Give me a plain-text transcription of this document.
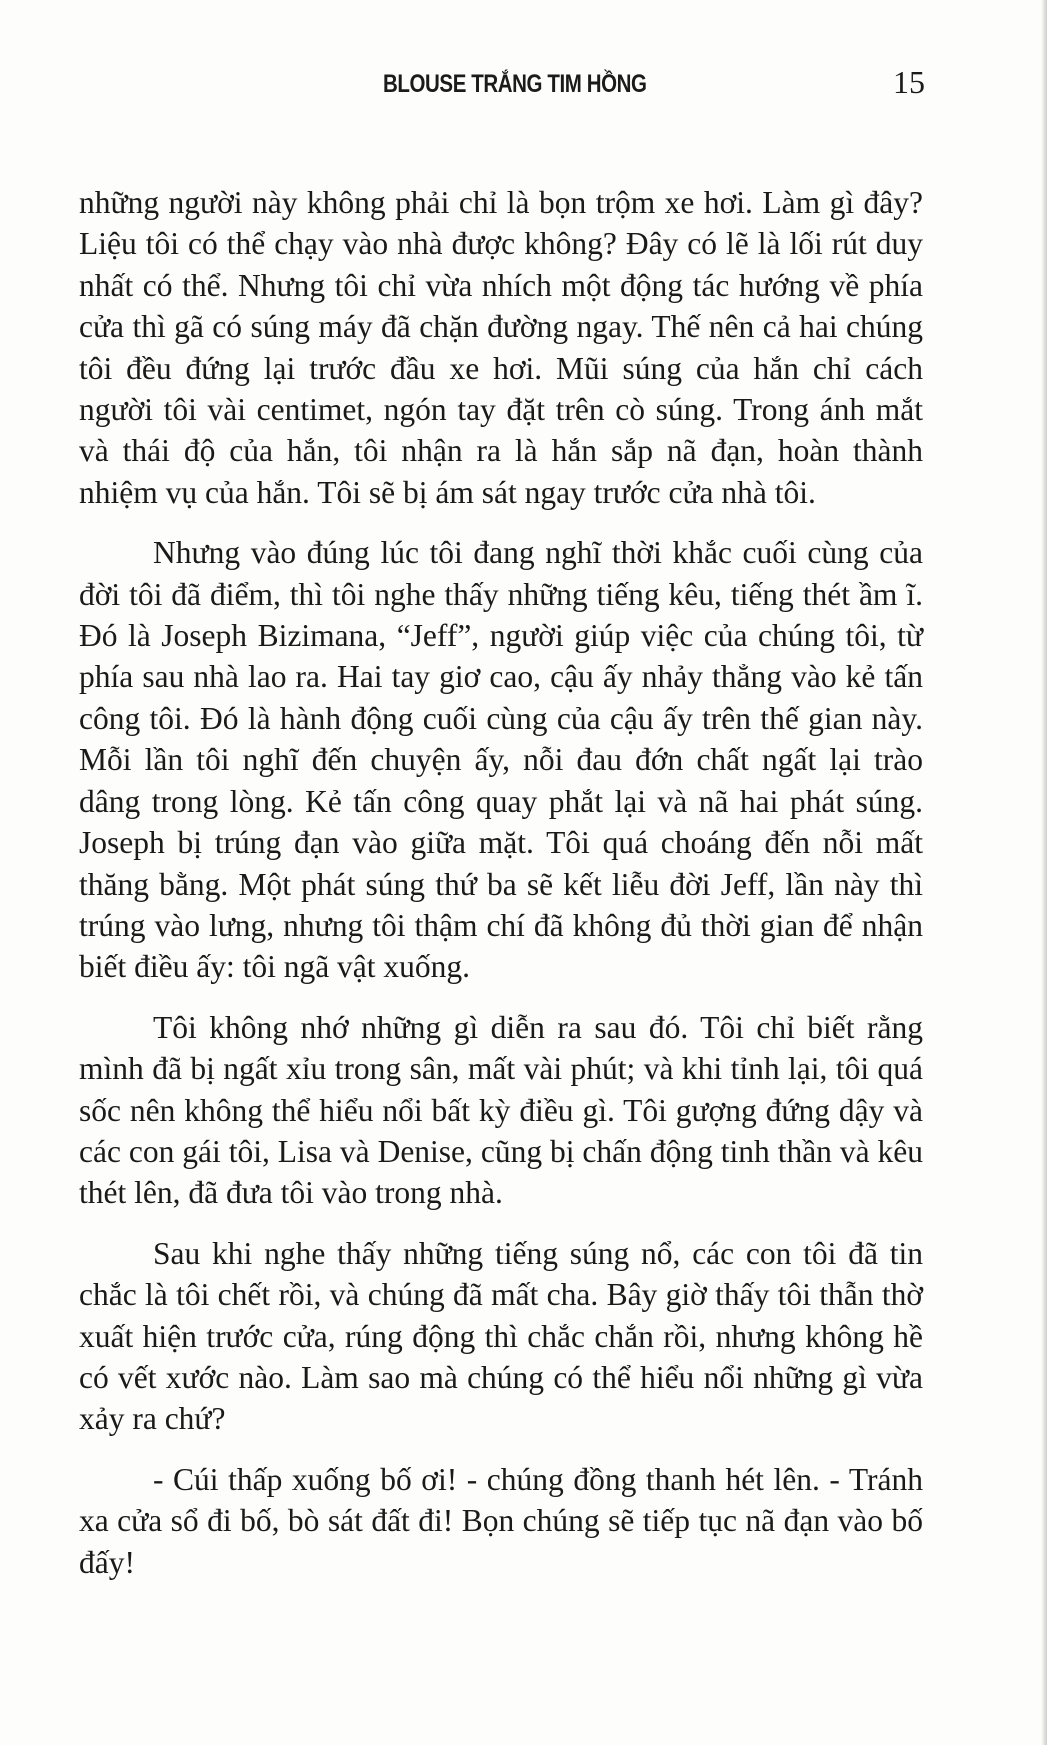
BLOUSE TRẮNG TIM HỒNG	15

những người này không phải chỉ là bọn trộm xe hơi. Làm gì đây? Liệu tôi có thể chạy vào nhà được không? Đây có lẽ là lối rút duy nhất có thể. Nhưng tôi chỉ vừa nhích một động tác hướng về phía cửa thì gã có súng máy đã chặn đường ngay. Thế nên cả hai chúng tôi đều đứng lại trước đầu xe hơi. Mũi súng của hắn chỉ cách người tôi vài centimet, ngón tay đặt trên cò súng. Trong ánh mắt và thái độ của hắn, tôi nhận ra là hắn sắp nã đạn, hoàn thành nhiệm vụ của hắn. Tôi sẽ bị ám sát ngay trước cửa nhà tôi.

Nhưng vào đúng lúc tôi đang nghĩ thời khắc cuối cùng của đời tôi đã điểm, thì tôi nghe thấy những tiếng kêu, tiếng thét ầm ĩ. Đó là Joseph Bizimana, “Jeff”, người giúp việc của chúng tôi, từ phía sau nhà lao ra. Hai tay giơ cao, cậu ấy nhảy thẳng vào kẻ tấn công tôi. Đó là hành động cuối cùng của cậu ấy trên thế gian này. Mỗi lần tôi nghĩ đến chuyện ấy, nỗi đau đớn chất ngất lại trào dâng trong lòng. Kẻ tấn công quay phắt lại và nã hai phát súng. Joseph bị trúng đạn vào giữa mặt. Tôi quá choáng đến nỗi mất thăng bằng. Một phát súng thứ ba sẽ kết liễu đời Jeff, lần này thì trúng vào lưng, nhưng tôi thậm chí đã không đủ thời gian để nhận biết điều ấy: tôi ngã vật xuống.

Tôi không nhớ những gì diễn ra sau đó. Tôi chỉ biết rằng mình đã bị ngất xỉu trong sân, mất vài phút; và khi tỉnh lại, tôi quá sốc nên không thể hiểu nổi bất kỳ điều gì. Tôi gượng đứng dậy và các con gái tôi, Lisa và Denise, cũng bị chấn động tinh thần và kêu thét lên, đã đưa tôi vào trong nhà.

Sau khi nghe thấy những tiếng súng nổ, các con tôi đã tin chắc là tôi chết rồi, và chúng đã mất cha. Bây giờ thấy tôi thẫn thờ xuất hiện trước cửa, rúng động thì chắc chắn rồi, nhưng không hề có vết xước nào. Làm sao mà chúng có thể hiểu nổi những gì vừa xảy ra chứ?

- Cúi thấp xuống bố ơi! - chúng đồng thanh hét lên. - Tránh xa cửa sổ đi bố, bò sát đất đi! Bọn chúng sẽ tiếp tục nã đạn vào bố đấy!
